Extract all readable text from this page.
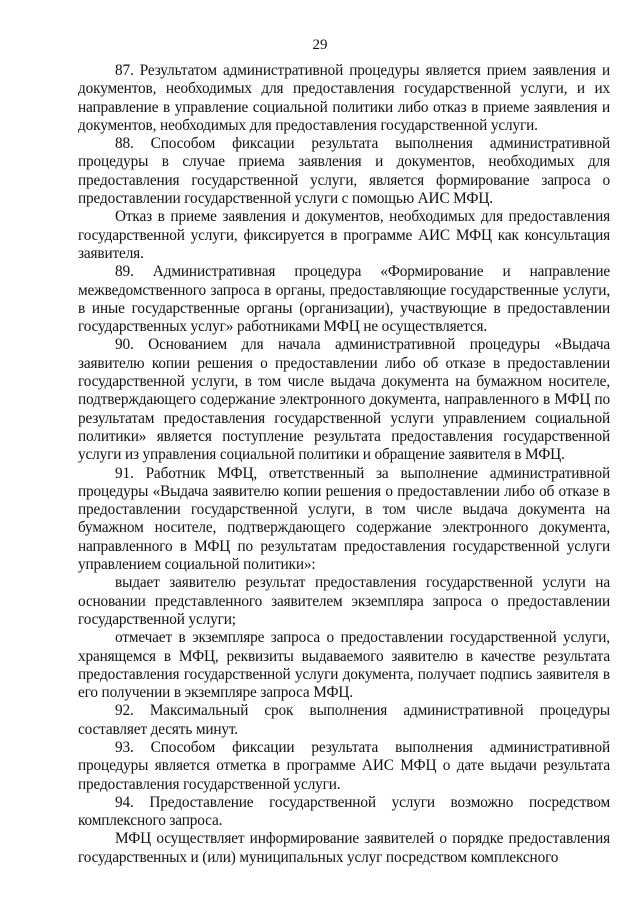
29

87. Результатом административной процедуры является прием заявления и документов, необходимых для предоставления государственной услуги, и их направление в управление социальной политики либо отказ в приеме заявления и документов, необходимых для предоставления государственной услуги.

88. Способом фиксации результата выполнения административной процедуры в случае приема заявления и документов, необходимых для предоставления государственной услуги, является формирование запроса о предоставлении государственной услуги с помощью АИС МФЦ.

Отказ в приеме заявления и документов, необходимых для предоставления государственной услуги, фиксируется в программе АИС МФЦ как консультация заявителя.

89. Административная процедура «Формирование и направление межведомственного запроса в органы, предоставляющие государственные услуги, в иные государственные органы (организации), участвующие в предоставлении государственных услуг» работниками МФЦ не осуществляется.

90. Основанием для начала административной процедуры «Выдача заявителю копии решения о предоставлении либо об отказе в предоставлении государственной услуги, в том числе выдача документа на бумажном носителе, подтверждающего содержание электронного документа, направленного в МФЦ по результатам предоставления государственной услуги управлением социальной политики» является поступление результата предоставления государственной услуги из управления социальной политики и обращение заявителя в МФЦ.

91. Работник МФЦ, ответственный за выполнение административной процедуры «Выдача заявителю копии решения о предоставлении либо об отказе в предоставлении государственной услуги, в том числе выдача документа на бумажном носителе, подтверждающего содержание электронного документа, направленного в МФЦ по результатам предоставления государственной услуги управлением социальной политики»:

выдает заявителю результат предоставления государственной услуги на основании представленного заявителем экземпляра запроса о предоставлении государственной услуги;

отмечает в экземпляре запроса о предоставлении государственной услуги, хранящемся в МФЦ, реквизиты выдаваемого заявителю в качестве результата предоставления государственной услуги документа, получает подпись заявителя в его получении в экземпляре запроса МФЦ.

92. Максимальный срок выполнения административной процедуры составляет десять минут.

93. Способом фиксации результата выполнения административной процедуры является отметка в программе АИС МФЦ о дате выдачи результата предоставления государственной услуги.

94. Предоставление государственной услуги возможно посредством комплексного запроса.

МФЦ осуществляет информирование заявителей о порядке предоставления государственных и (или) муниципальных услуг посредством комплексного
